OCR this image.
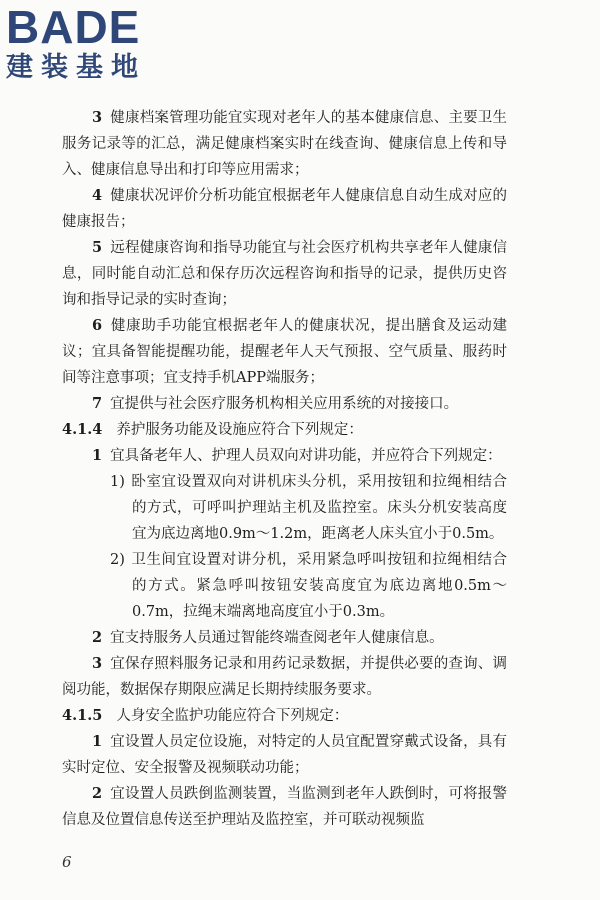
BADE
建装基地

3 健康档案管理功能宜实现对老年人的基本健康信息、主要卫生服务记录等的汇总，满足健康档案实时在线查询、健康信息上传和导入、健康信息导出和打印等应用需求；

4 健康状况评价分析功能宜根据老年人健康信息自动生成对应的健康报告；

5 远程健康咨询和指导功能宜与社会医疗机构共享老年人健康信息，同时能自动汇总和保存历次远程咨询和指导的记录，提供历史咨询和指导记录的实时查询；

6 健康助手功能宜根据老年人的健康状况，提出膳食及运动建议；宜具备智能提醒功能，提醒老年人天气预报、空气质量、服药时间等注意事项；宜支持手机APP端服务；

7 宜提供与社会医疗服务机构相关应用系统的对接接口。

4.1.4 养护服务功能及设施应符合下列规定：

1 宜具备老年人、护理人员双向对讲功能，并应符合下列规定：

1) 卧室宜设置双向对讲机床头分机，采用按钮和拉绳相结合的方式，可呼叫护理站主机及监控室。床头分机安装高度宜为底边离地0.9m～1.2m，距离老人床头宜小于0.5m。

2) 卫生间宜设置对讲分机，采用紧急呼叫按钮和拉绳相结合的方式。紧急呼叫按钮安装高度宜为底边离地0.5m～0.7m，拉绳末端离地高度宜小于0.3m。

2 宜支持服务人员通过智能终端查阅老年人健康信息。

3 宜保存照料服务记录和用药记录数据，并提供必要的查询、调阅功能，数据保存期限应满足长期持续服务要求。

4.1.5 人身安全监护功能应符合下列规定：

1 宜设置人员定位设施，对特定的人员宜配置穿戴式设备，具有实时定位、安全报警及视频联动功能；

2 宜设置人员跌倒监测装置，当监测到老年人跌倒时，可将报警信息及位置信息传送至护理站及监控室，并可联动视频监

6
